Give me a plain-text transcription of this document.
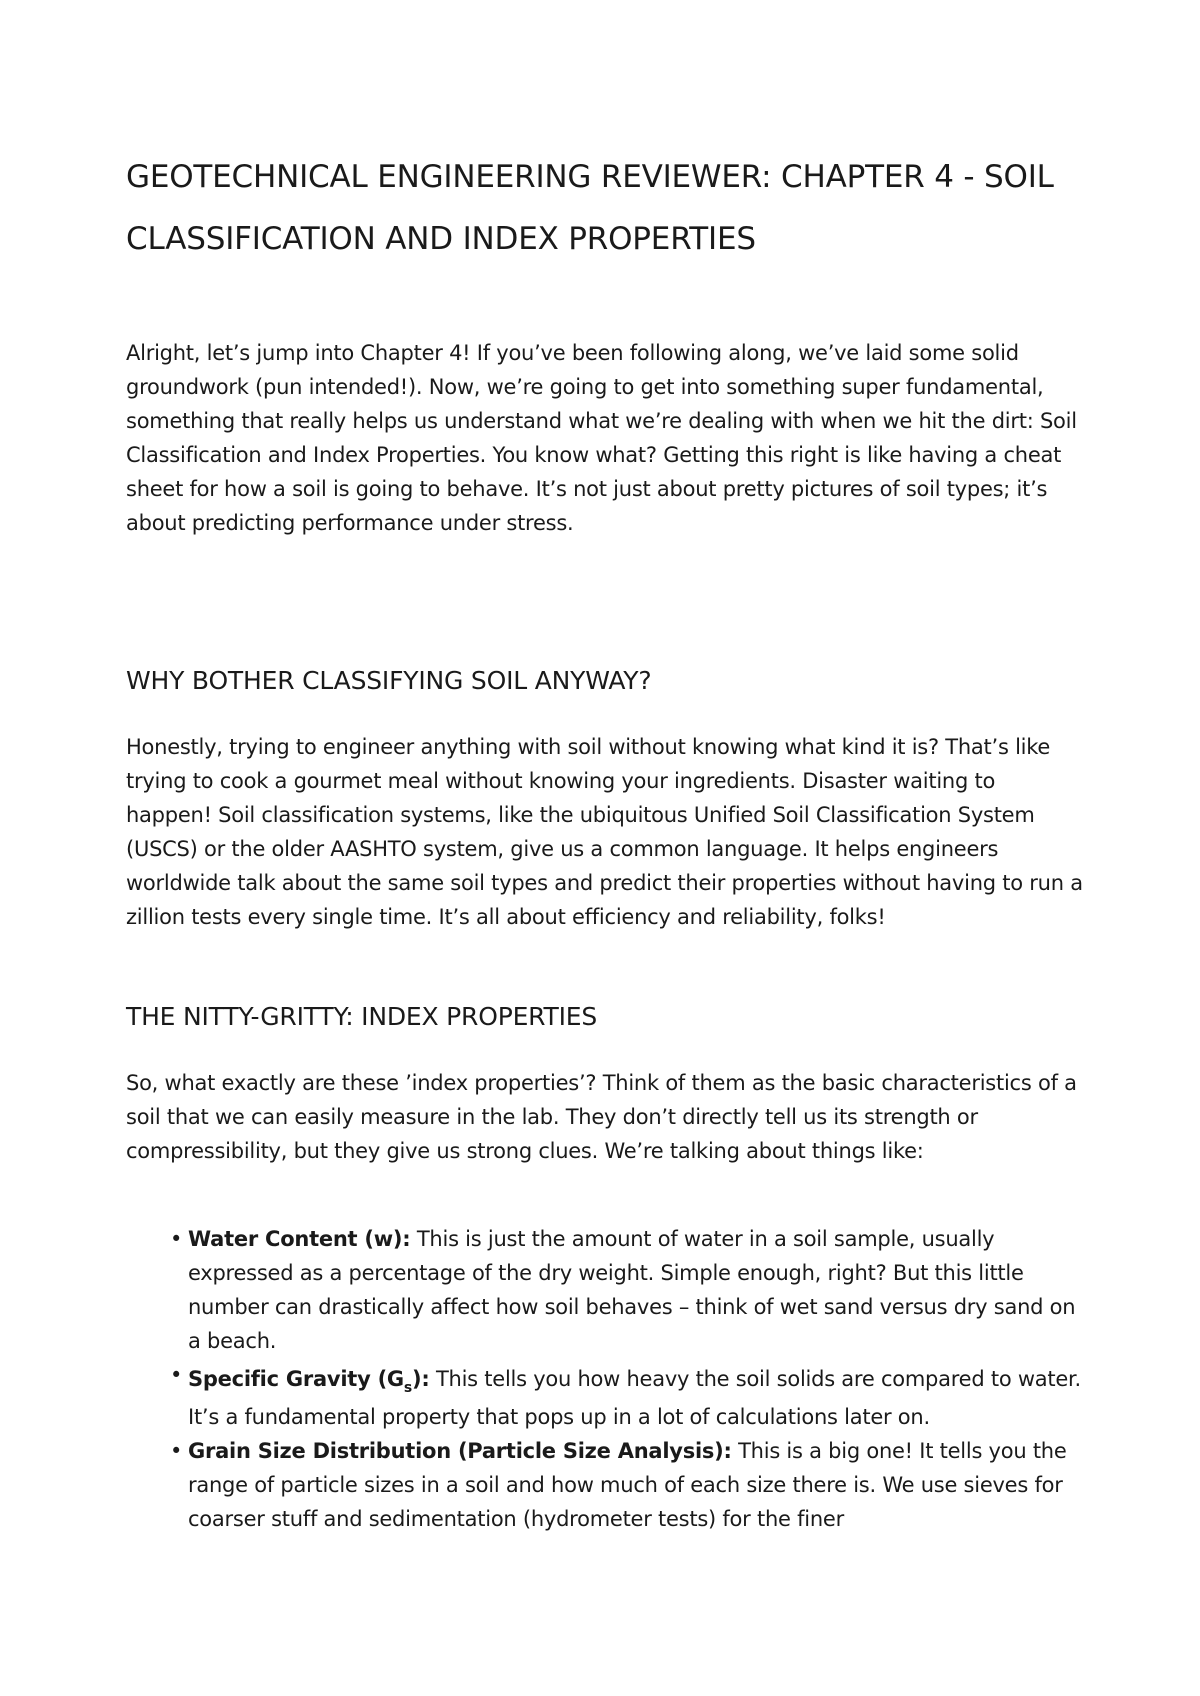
GEOTECHNICAL ENGINEERING REVIEWER: CHAPTER 4 - SOIL CLASSIFICATION AND INDEX PROPERTIES

Alright, let’s jump into Chapter 4! If you’ve been following along, we’ve laid some solid groundwork (pun intended!). Now, we’re going to get into something super fundamental, something that really helps us understand what we’re dealing with when we hit the dirt: Soil Classification and Index Properties. You know what? Getting this right is like having a cheat sheet for how a soil is going to behave. It’s not just about pretty pictures of soil types; it’s about predicting performance under stress.

WHY BOTHER CLASSIFYING SOIL ANYWAY?

Honestly, trying to engineer anything with soil without knowing what kind it is? That’s like trying to cook a gourmet meal without knowing your ingredients. Disaster waiting to happen! Soil classification systems, like the ubiquitous Unified Soil Classification System (USCS) or the older AASHTO system, give us a common language. It helps engineers worldwide talk about the same soil types and predict their properties without having to run a zillion tests every single time. It’s all about efficiency and reliability, folks!

THE NITTY-GRITTY: INDEX PROPERTIES

So, what exactly are these ’index properties’? Think of them as the basic characteristics of a soil that we can easily measure in the lab. They don’t directly tell us its strength or compressibility, but they give us strong clues. We’re talking about things like:

• Water Content (w): This is just the amount of water in a soil sample, usually expressed as a percentage of the dry weight. Simple enough, right? But this little number can drastically affect how soil behaves – think of wet sand versus dry sand on a beach.
• Specific Gravity $(G_s)$: This tells you how heavy the soil solids are compared to water. It’s a fundamental property that pops up in a lot of calculations later on.
• Grain Size Distribution (Particle Size Analysis): This is a big one! It tells you the range of particle sizes in a soil and how much of each size there is. We use sieves for coarser stuff and sedimentation (hydrometer tests) for the finer
